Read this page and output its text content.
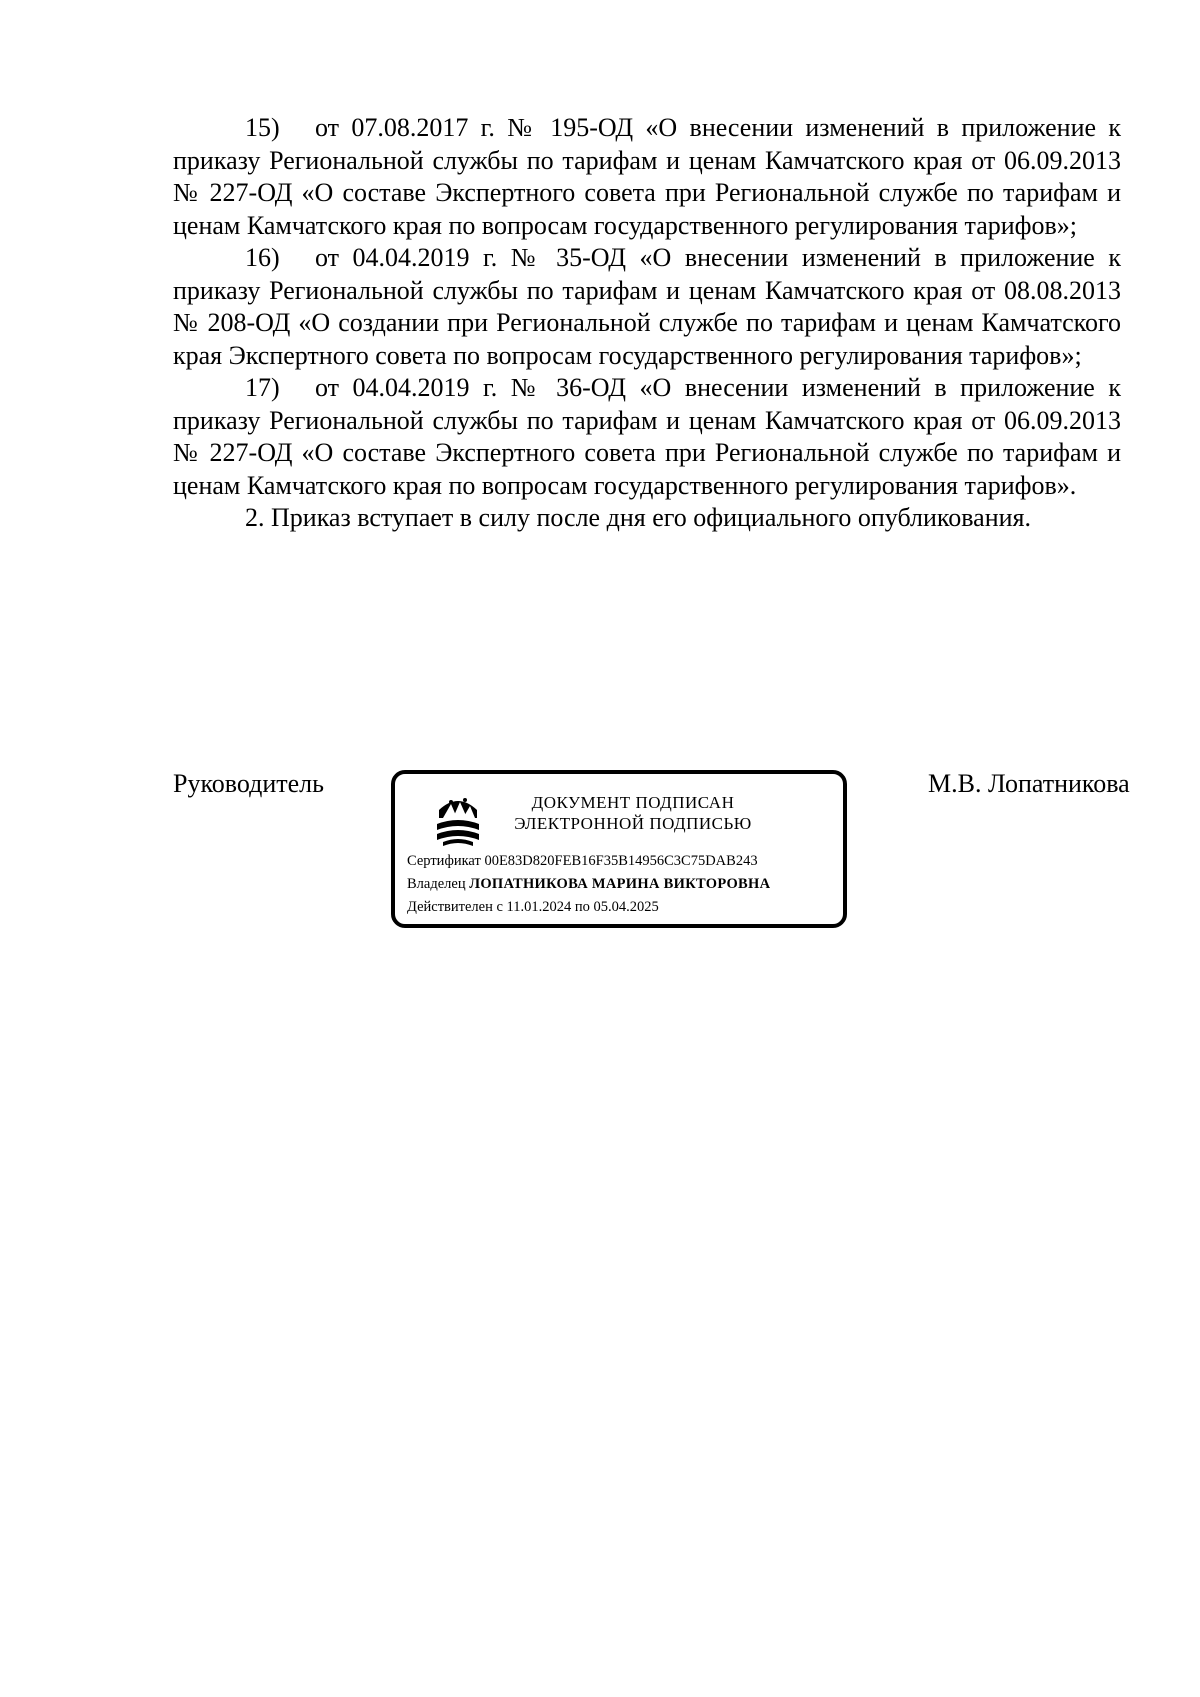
15) от 07.08.2017 г. № 195-ОД «О внесении изменений в приложение к приказу Региональной службы по тарифам и ценам Камчатского края от 06.09.2013 № 227-ОД «О составе Экспертного совета при Региональной службе по тарифам и ценам Камчатского края по вопросам государственного регулирования тарифов»;

16) от 04.04.2019 г. № 35-ОД «О внесении изменений в приложение к приказу Региональной службы по тарифам и ценам Камчатского края от 08.08.2013 № 208-ОД «О создании при Региональной службе по тарифам и ценам Камчатского края Экспертного совета по вопросам государственного регулирования тарифов»;

17) от 04.04.2019 г. № 36-ОД «О внесении изменений в приложение к приказу Региональной службы по тарифам и ценам Камчатского края от 06.09.2013 № 227-ОД «О составе Экспертного совета при Региональной службе по тарифам и ценам Камчатского края по вопросам государственного регулирования тарифов».

2. Приказ вступает в силу после дня его официального опубликования.

Руководитель
ДОКУМЕНТ ПОДПИСАН
ЭЛЕКТРОННОЙ ПОДПИСЬЮ
Сертификат 00E83D820FEB16F35B14956C3C75DAB243
Владелец ЛОПАТНИКОВА МАРИНА ВИКТОРОВНА
Действителен с 11.01.2024 по 05.04.2025
М.В. Лопатникова
